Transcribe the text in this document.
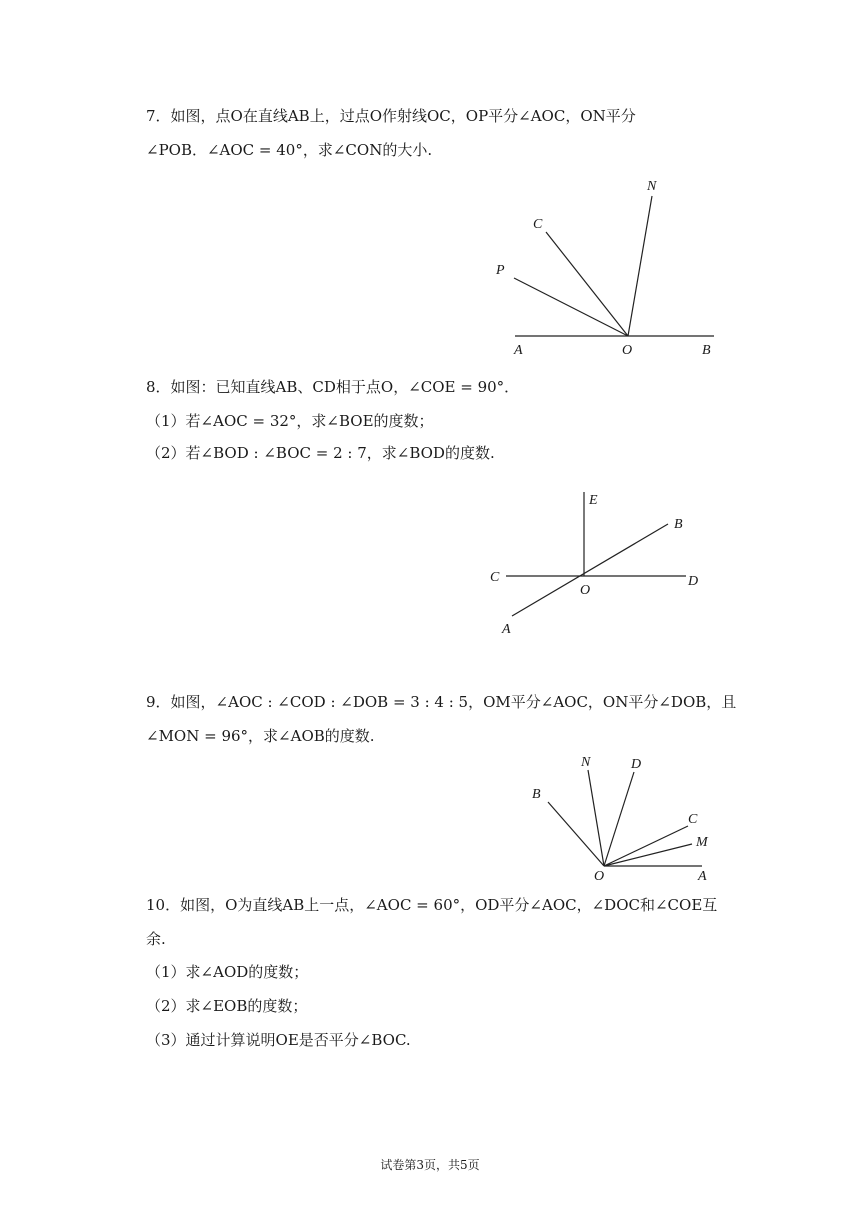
7．如图，点O在直线AB上，过点O作射线OC，OP平分∠AOC，ON平分
∠POB．∠AOC = 40°，求∠CON的大小.
N
C
P
A	O	B
8．如图：已知直线AB、CD相于点O，∠COE = 90°．
（1）若∠AOC = 32°，求∠BOE的度数；
（2）若∠BOD : ∠BOC = 2 : 7，求∠BOD的度数.
E
B
C
O
D
A
9．如图，∠AOC : ∠COD : ∠DOB = 3 : 4 : 5，OM平分∠AOC，ON平分∠DOB，且
∠MON = 96°，求∠AOB的度数.
N	D
B
C
M
O	A
10．如图，O为直线AB上一点，∠AOC = 60°，OD平分∠AOC，∠DOC和∠COE互
余.
（1）求∠AOD的度数；
（2）求∠EOB的度数；
（3）通过计算说明OE是否平分∠BOC.
试卷第3页，共5页
